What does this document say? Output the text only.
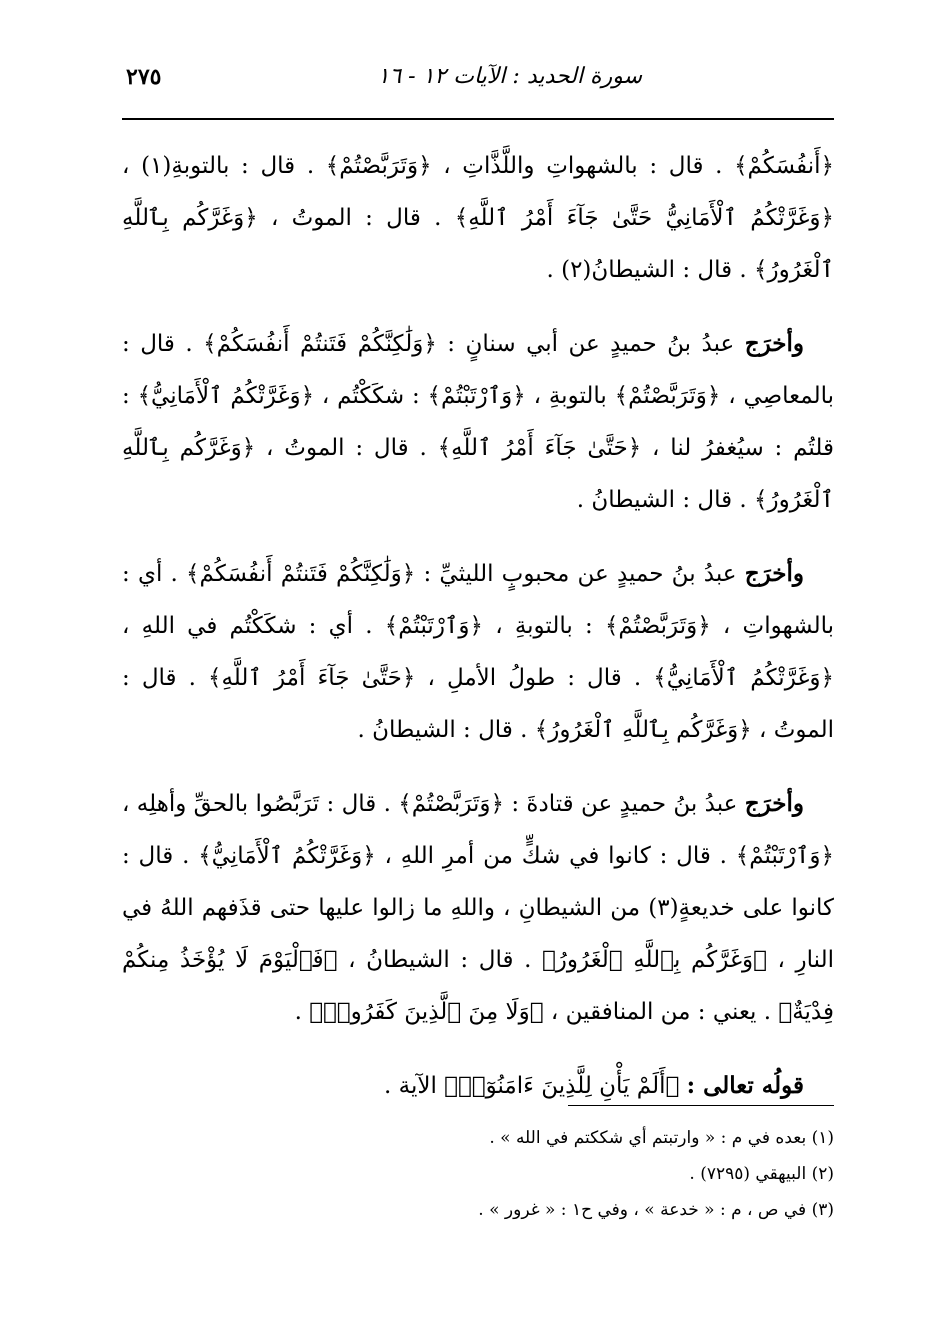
سورة الحديد : الآيات ١٢ - ١٦
٢٧٥

﴿أَنفُسَكُمْ﴾ . قال : بالشهواتِ واللَّذَّاتِ ، ﴿وَتَرَبَّصْتُمْ﴾ . قال : بالتوبةِ(١) ، ﴿وَغَرَّتْكُمُ ٱلْأَمَانِيُّ حَتَّىٰ جَآءَ أَمْرُ ٱللَّهِ﴾ . قال : الموتُ ، ﴿وَغَرَّكُم بِٱللَّهِ ٱلْغَرُورُ﴾ . قال : الشيطانُ(٢) .

وأخرَج عبدُ بنُ حميدٍ عن أبي سنانٍ : ﴿وَلَٰكِنَّكُمْ فَتَنتُمْ أَنفُسَكُمْ﴾ . قال : بالمعاصِي ، ﴿وَتَرَبَّصْتُمْ﴾ بالتوبةِ ، ﴿وَٱرْتَبْتُمْ﴾ : شكَكْتُم ، ﴿وَغَرَّتْكُمُ ٱلْأَمَانِيُّ﴾ : قلتُم : سيُغفرُ لنا ، ﴿حَتَّىٰ جَآءَ أَمْرُ ٱللَّهِ﴾ . قال : الموتُ ، ﴿وَغَرَّكُم بِٱللَّهِ ٱلْغَرُورُ﴾ . قال : الشيطانُ .

وأخرَج عبدُ بنُ حميدٍ عن محبوبٍ الليثيِّ : ﴿وَلَٰكِنَّكُمْ فَتَنتُمْ أَنفُسَكُمْ﴾ . أي : بالشهواتِ ، ﴿وَتَرَبَّصْتُمْ﴾ : بالتوبةِ ، ﴿وَٱرْتَبْتُمْ﴾ . أي : شكَكْتُم في اللهِ ، ﴿وَغَرَّتْكُمُ ٱلْأَمَانِيُّ﴾ . قال : طولُ الأملِ ، ﴿حَتَّىٰ جَآءَ أَمْرُ ٱللَّهِ﴾ . قال : الموتُ ، ﴿وَغَرَّكُم بِٱللَّهِ ٱلْغَرُورُ﴾ . قال : الشيطانُ .

وأخرَج عبدُ بنُ حميدٍ عن قتادةَ : ﴿وَتَرَبَّصْتُمْ﴾ . قال : تَرَبَّصُوا بالحقِّ وأهلِه ، ﴿وَٱرْتَبْتُمْ﴾ . قال : كانوا في شكٍّ من أمرِ اللهِ ، ﴿وَغَرَّتْكُمُ ٱلْأَمَانِيُّ﴾ . قال : كانوا على خديعةٍ(٣) من الشيطانِ ، واللهِ ما زالوا عليها حتى قذَفهم اللهُ في النارِ ، ﴿وَغَرَّكُم بِٱللَّهِ ٱلْغَرُورُ﴾ . قال : الشيطانُ ، ﴿فَٱلْيَوْمَ لَا يُؤْخَذُ مِنكُمْ فِدْيَةٌ﴾ . يعني : من المنافقين ، ﴿وَلَا مِنَ ٱلَّذِينَ كَفَرُوا۟﴾ .

قولُه تعالى : ﴿أَلَمْ يَأْنِ لِلَّذِينَ ءَامَنُوٓا۟﴾ الآية .

(١) بعده في م : « وارتبتم أي شككتم في الله » .

(٢) البيهقي (٧٢٩٥) .

(٣) في ص ، م : « خدعة » ، وفي ح١ : « غرور » .
